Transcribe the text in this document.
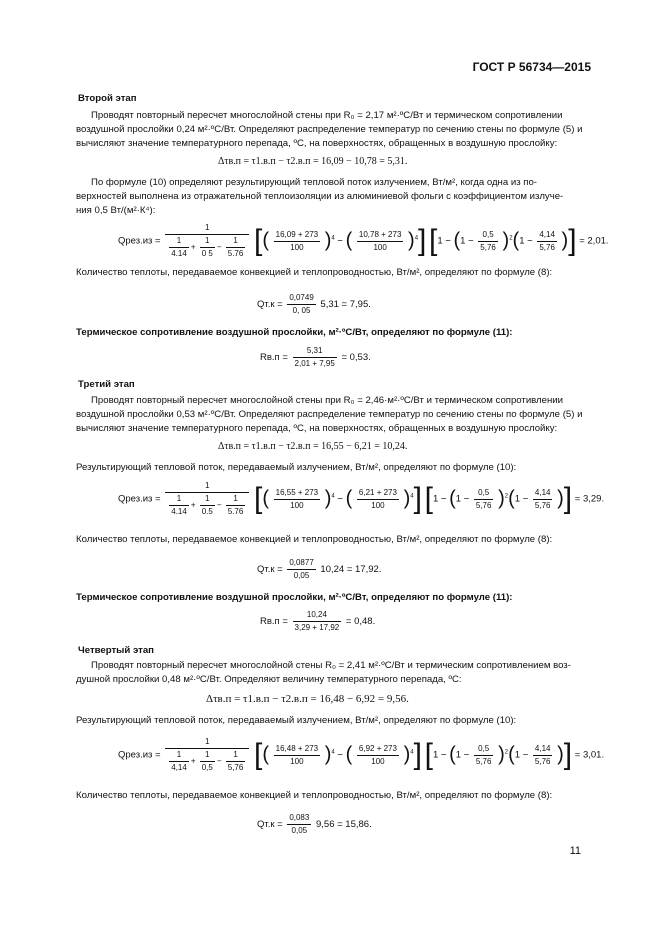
ГОСТ Р 56734—2015
Второй этап
Проводят повторный пересчет многослойной стены при R₀ = 2,17 м²·ºС/Вт и термическом сопротивлении
воздушной прослойки 0,24 м²·ºС/Вт. Определяют распределение температур по сечению стены по формуле (5) и
вычисляют значение температурного перепада, ºС, на поверхностях, обращенных в воздушную прослойку:
Δτв.п = τ1.в.п − τ2.в.п = 16,09 − 10,78 = 5,31.
По формуле (10) определяют результирующий тепловой поток излучением, Вт/м², когда одна из по-
верхностей выполнена из отражательной теплоизоляции из алюминиевой фольги с коэффициентом излуче-
ния 0,5 Вт/(м²·К⁴):
Qрез.из = $\frac{1}{\frac{1}{4.14} + \frac{1}{0 5} - \frac{1}{5.76}}$ [( $\frac{16,09 + 273}{100} )^4$ − ( $\frac{10,78 + 273}{100} )^4$] [$1 - (1 - \frac{0,5}{5,76} )^2(1 - \frac{4,14}{5,76}$ )] = 2,01.
Количество теплоты, передаваемое конвекцией и теплопроводностью, Вт/м², определяют по формуле (8):
$Qт.к = \frac{0,0749}{0, 05} 5,31 = 7,95$.
Термическое сопротивление воздушной прослойки, м²·ºС/Вт, определяют по формуле (11):
$Rв.п = \frac{5,31}{2,01 + 7,95} = 0,53$.
Третий этап
Проводят повторный пересчет многослойной стены при R₀ = 2,46·м²·ºС/Вт и термическом сопротивлении
воздушной прослойки 0,53 м²·ºС/Вт. Определяют распределение температур по сечению стены по формуле (5) и
вычисляют значение температурного перепада, ºС, на поверхностях, обращенных в воздушную прослойку:
Δτв.п = τ1.в.п − τ2.в.п = 16,55 − 6,21 = 10,24.
Результирующий тепловой поток, передаваемый излучением, Вт/м², определяют по формуле (10):
Qрез.из = $\frac{1}{\frac{1}{4.14} + \frac{1}{0.5} - \frac{1}{5.76}}$ [( $\frac{16,55 + 273}{100} )^4$ − ( $\frac{6,21 + 273}{100} )^4$] [$1 - (1 - \frac{0,5}{5,76} )^2(1 - \frac{4,14}{5,76}$ )] = 3,29.
Количество теплоты, передаваемое конвекцией и теплопроводностью, Вт/м², определяют по формуле (8):
$Qт.к = \frac{0,0877}{0,05} 10,24 = 17,92$.
Термическое сопротивление воздушной прослойки, м²·ºС/Вт, определяют по формуле (11):
$Rв.п = \frac{10,24}{3,29 + 17,92} = 0,48$.
Четвертый этап
Проводят повторный пересчет многослойной стены R₀ = 2,41 м²·ºС/Вт и термическим сопротивлением воз-
душной прослойки 0,48 м²·ºС/Вт. Определяют величину температурного перепада, ºС:
Δτв.п = τ1.в.п − τ2.в.п = 16,48 − 6,92 = 9,56.
Результирующий тепловой поток, передаваемый излучением, Вт/м², определяют по формуле (10):
Qрез.из = $\frac{1}{\frac{1}{4,14} + \frac{1}{0,5} - \frac{1}{5,76}}$ [( $\frac{16,48 + 273}{100} )^4$ − ( $\frac{6,92 + 273}{100} )^4$] [$1 - (1 - \frac{0,5}{5,76} )^2(1 - \frac{4,14}{5,76}$ )] = 3,01.
Количество теплоты, передаваемое конвекцией и теплопроводностью, Вт/м², определяют по формуле (8):
$Qт.к = \frac{0,083}{0,05} 9,56 = 15,86$.
11
